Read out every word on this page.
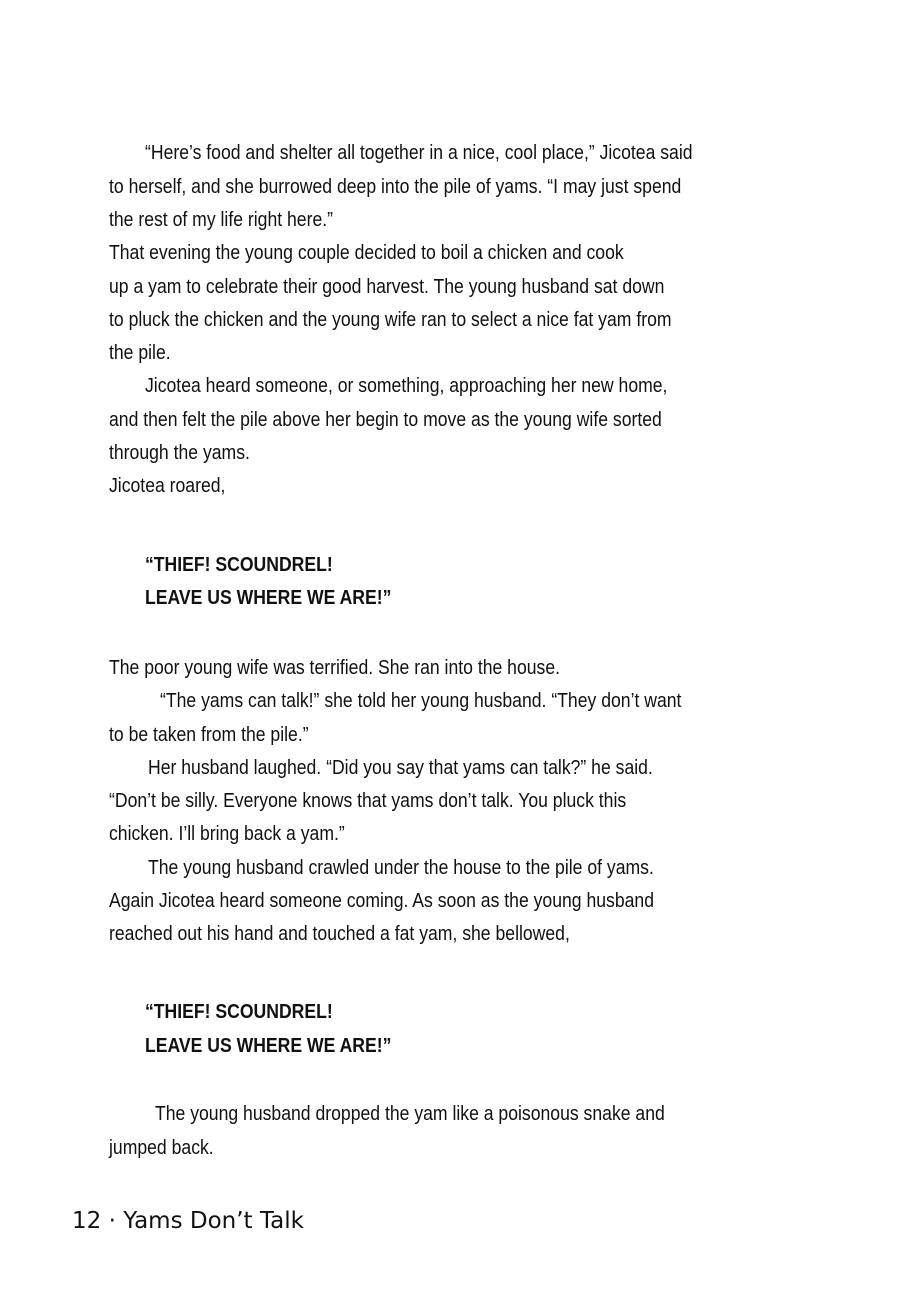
“Here’s food and shelter all together in a nice, cool place,” Jicotea said
to herself, and she burrowed deep into the pile of yams. “I may just spend
the rest of my life right here.”
That evening the young couple decided to boil a chicken and cook
up a yam to celebrate their good harvest. The young husband sat down
to pluck the chicken and the young wife ran to select a nice fat yam from
the pile.
Jicotea heard someone, or something, approaching her new home,
and then felt the pile above her begin to move as the young wife sorted
through the yams.
Jicotea roared,
“THIEF! SCOUNDREL!
LEAVE US WHERE WE ARE!”
The poor young wife was terrified. She ran into the house.
“The yams can talk!” she told her young husband. “They don’t want
to be taken from the pile.”
Her husband laughed. “Did you say that yams can talk?” he said.
“Don’t be silly. Everyone knows that yams don’t talk. You pluck this
chicken. I’ll bring back a yam.”
The young husband crawled under the house to the pile of yams.
Again Jicotea heard someone coming. As soon as the young husband
reached out his hand and touched a fat yam, she bellowed,
“THIEF! SCOUNDREL!
LEAVE US WHERE WE ARE!”
The young husband dropped the yam like a poisonous snake and
jumped back.
12 · Yams Don’t Talk
